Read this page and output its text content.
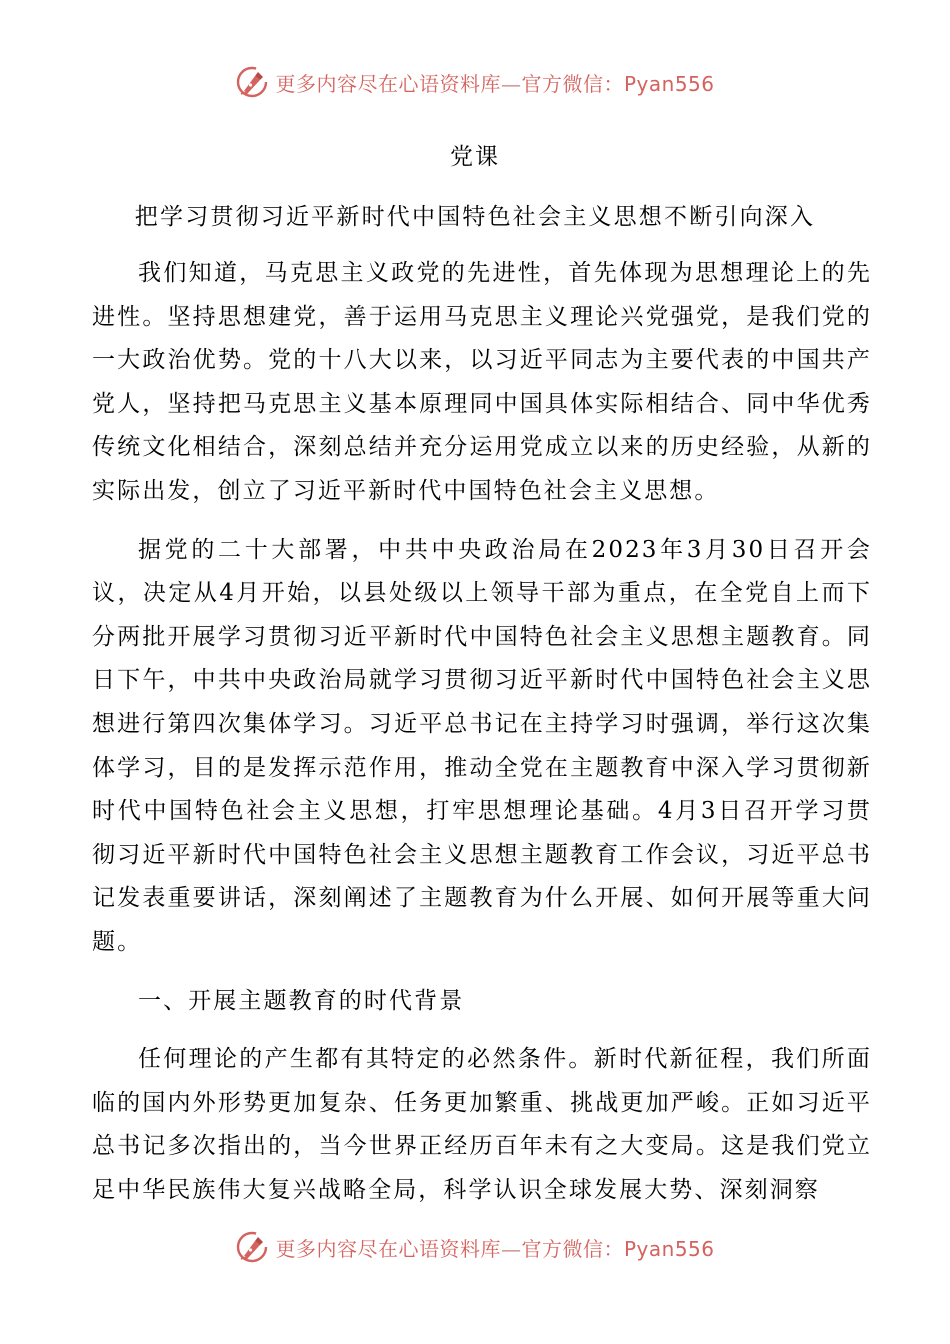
更多内容尽在心语资料库—官方微信：Pyan556
党课
把学习贯彻习近平新时代中国特色社会主义思想不断引向深入

我们知道，马克思主义政党的先进性，首先体现为思想理论上的先进性。坚持思想建党，善于运用马克思主义理论兴党强党，是我们党的一大政治优势。党的十八大以来，以习近平同志为主要代表的中国共产党人，坚持把马克思主义基本原理同中国具体实际相结合、同中华优秀传统文化相结合，深刻总结并充分运用党成立以来的历史经验，从新的实际出发，创立了习近平新时代中国特色社会主义思想。

据党的二十大部署，中共中央政治局在2023年3月30日召开会议，决定从4月开始，以县处级以上领导干部为重点，在全党自上而下分两批开展学习贯彻习近平新时代中国特色社会主义思想主题教育。同日下午，中共中央政治局就学习贯彻习近平新时代中国特色社会主义思想进行第四次集体学习。习近平总书记在主持学习时强调，举行这次集体学习，目的是发挥示范作用，推动全党在主题教育中深入学习贯彻新时代中国特色社会主义思想，打牢思想理论基础。4月3日召开学习贯彻习近平新时代中国特色社会主义思想主题教育工作会议，习近平总书记发表重要讲话，深刻阐述了主题教育为什么开展、如何开展等重大问题。

一、开展主题教育的时代背景

任何理论的产生都有其特定的必然条件。新时代新征程，我们所面临的国内外形势更加复杂、任务更加繁重、挑战更加严峻。正如习近平总书记多次指出的，当今世界正经历百年未有之大变局。这是我们党立足中华民族伟大复兴战略全局，科学认识全球发展大势、深刻洞察

更多内容尽在心语资料库—官方微信：Pyan556
